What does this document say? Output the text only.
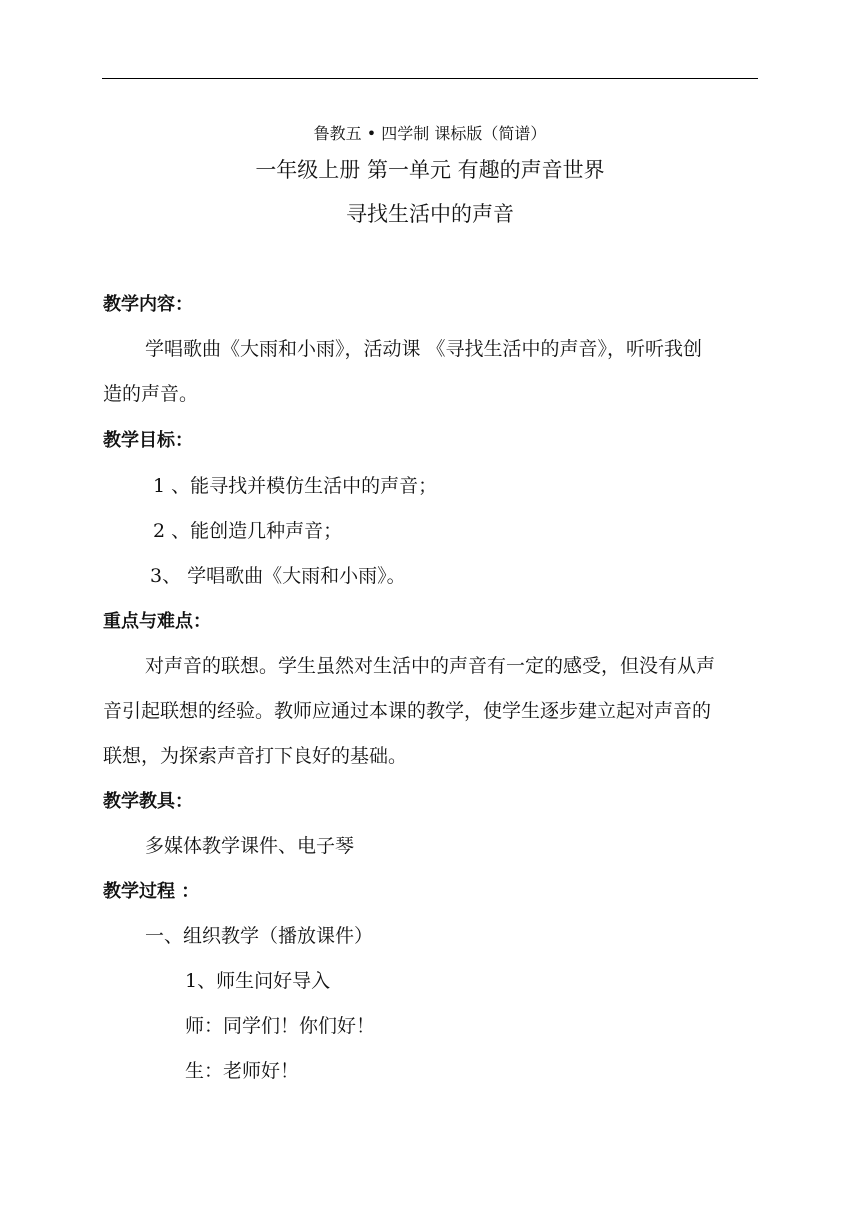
鲁教五 • 四学制 课标版（简谱）
一年级上册 第一单元 有趣的声音世界
寻找生活中的声音
教学内容：
学唱歌曲《大雨和小雨》，活动课 《寻找生活中的声音》，听听我创
造的声音。
教学目标：
1 、能寻找并模仿生活中的声音；
2 、能创造几种声音；
3、 学唱歌曲《大雨和小雨》。
重点与难点：
对声音的联想。学生虽然对生活中的声音有一定的感受，但没有从声
音引起联想的经验。教师应通过本课的教学，使学生逐步建立起对声音的
联想，为探索声音打下良好的基础。
教学教具：
多媒体教学课件、电子琴
教学过程 ：
一、组织教学（播放课件）
1、师生问好导入
师：同学们！你们好！
生：老师好！
